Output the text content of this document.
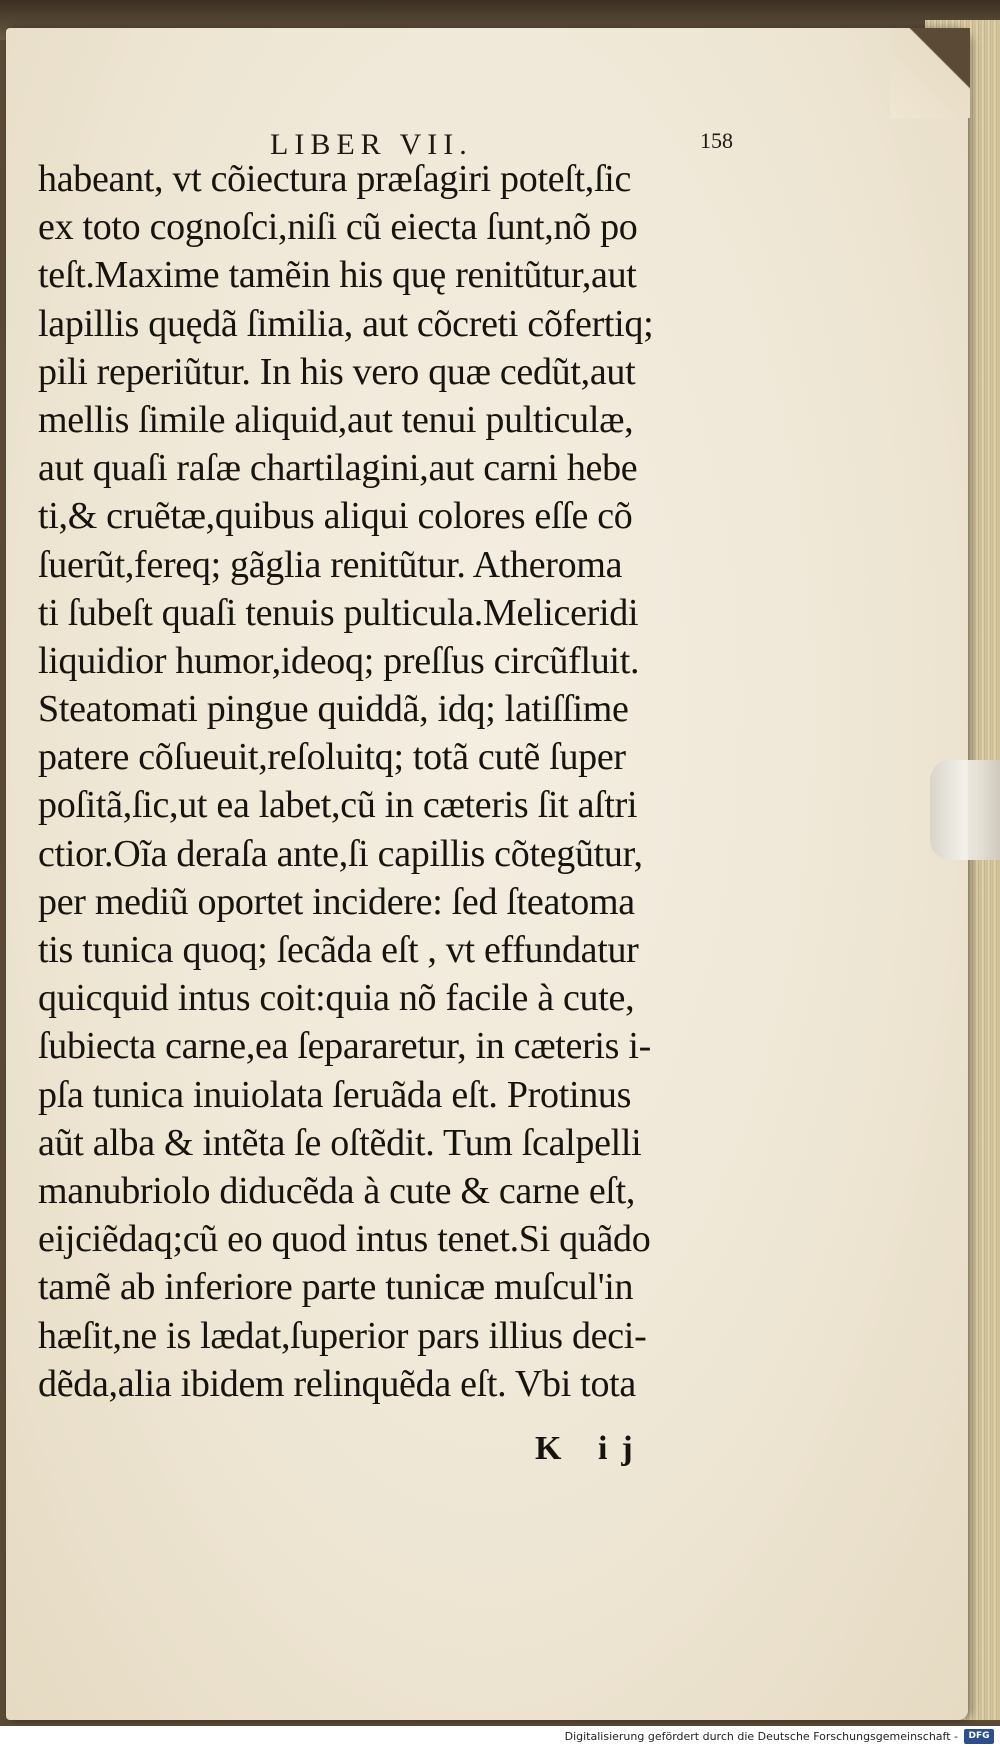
LIBER VII.	158
habeant, vt cõiectura præſagiri poteſt,ſic
ex toto cognoſci,niſi cũ eiecta ſunt,nõ po
teſt.Maxime tamẽin his quę renitũtur,aut
lapillis quędã ſimilia, aut cõcreti cõfertiq;
pili reperiũtur. In his vero quæ cedũt,aut
mellis ſimile aliquid,aut tenui pulticulæ,
aut quaſi raſæ chartilagini,aut carni hebe
ti,& cruẽtæ,quibus aliqui colores eſſe cõ
ſuerũt,fereq; gãglia renitũtur. Atheroma
ti ſubeſt quaſi tenuis pulticula.Meliceridi
liquidior humor,ideoq; preſſus circũfluit.
Steatomati pingue quiddã, idq; latiſſime
patere cõſueuit,reſoluitq; totã cutẽ ſuper
poſitã,ſic,ut ea labet,cũ in cæteris ſit aſtri
ctior.Oĩa deraſa ante,ſi capillis cõtegũtur,
per mediũ oportet incidere: ſed ſteatoma
tis tunica quoq; ſecãda eſt , vt effundatur
quicquid intus coit:quia nõ facile à cute,
ſubiecta carne,ea ſepararetur, in cæteris i-
pſa tunica inuiolata ſeruãda eſt. Protinus
aũt alba & intẽta ſe oſtẽdit. Tum ſcalpelli
manubriolo diducẽda à cute & carne eſt,
eijciẽdaq;cũ eo quod intus tenet.Si quãdo
tamẽ ab inferiore parte tunicæ muſcul'in
hæſit,ne is lædat,ſuperior pars illius deci-
dẽda,alia ibidem relinquẽda eſt. Vbi tota
K ij
Digitalisierung gefördert durch die Deutsche Forschungsgemeinschaft -	DFG
